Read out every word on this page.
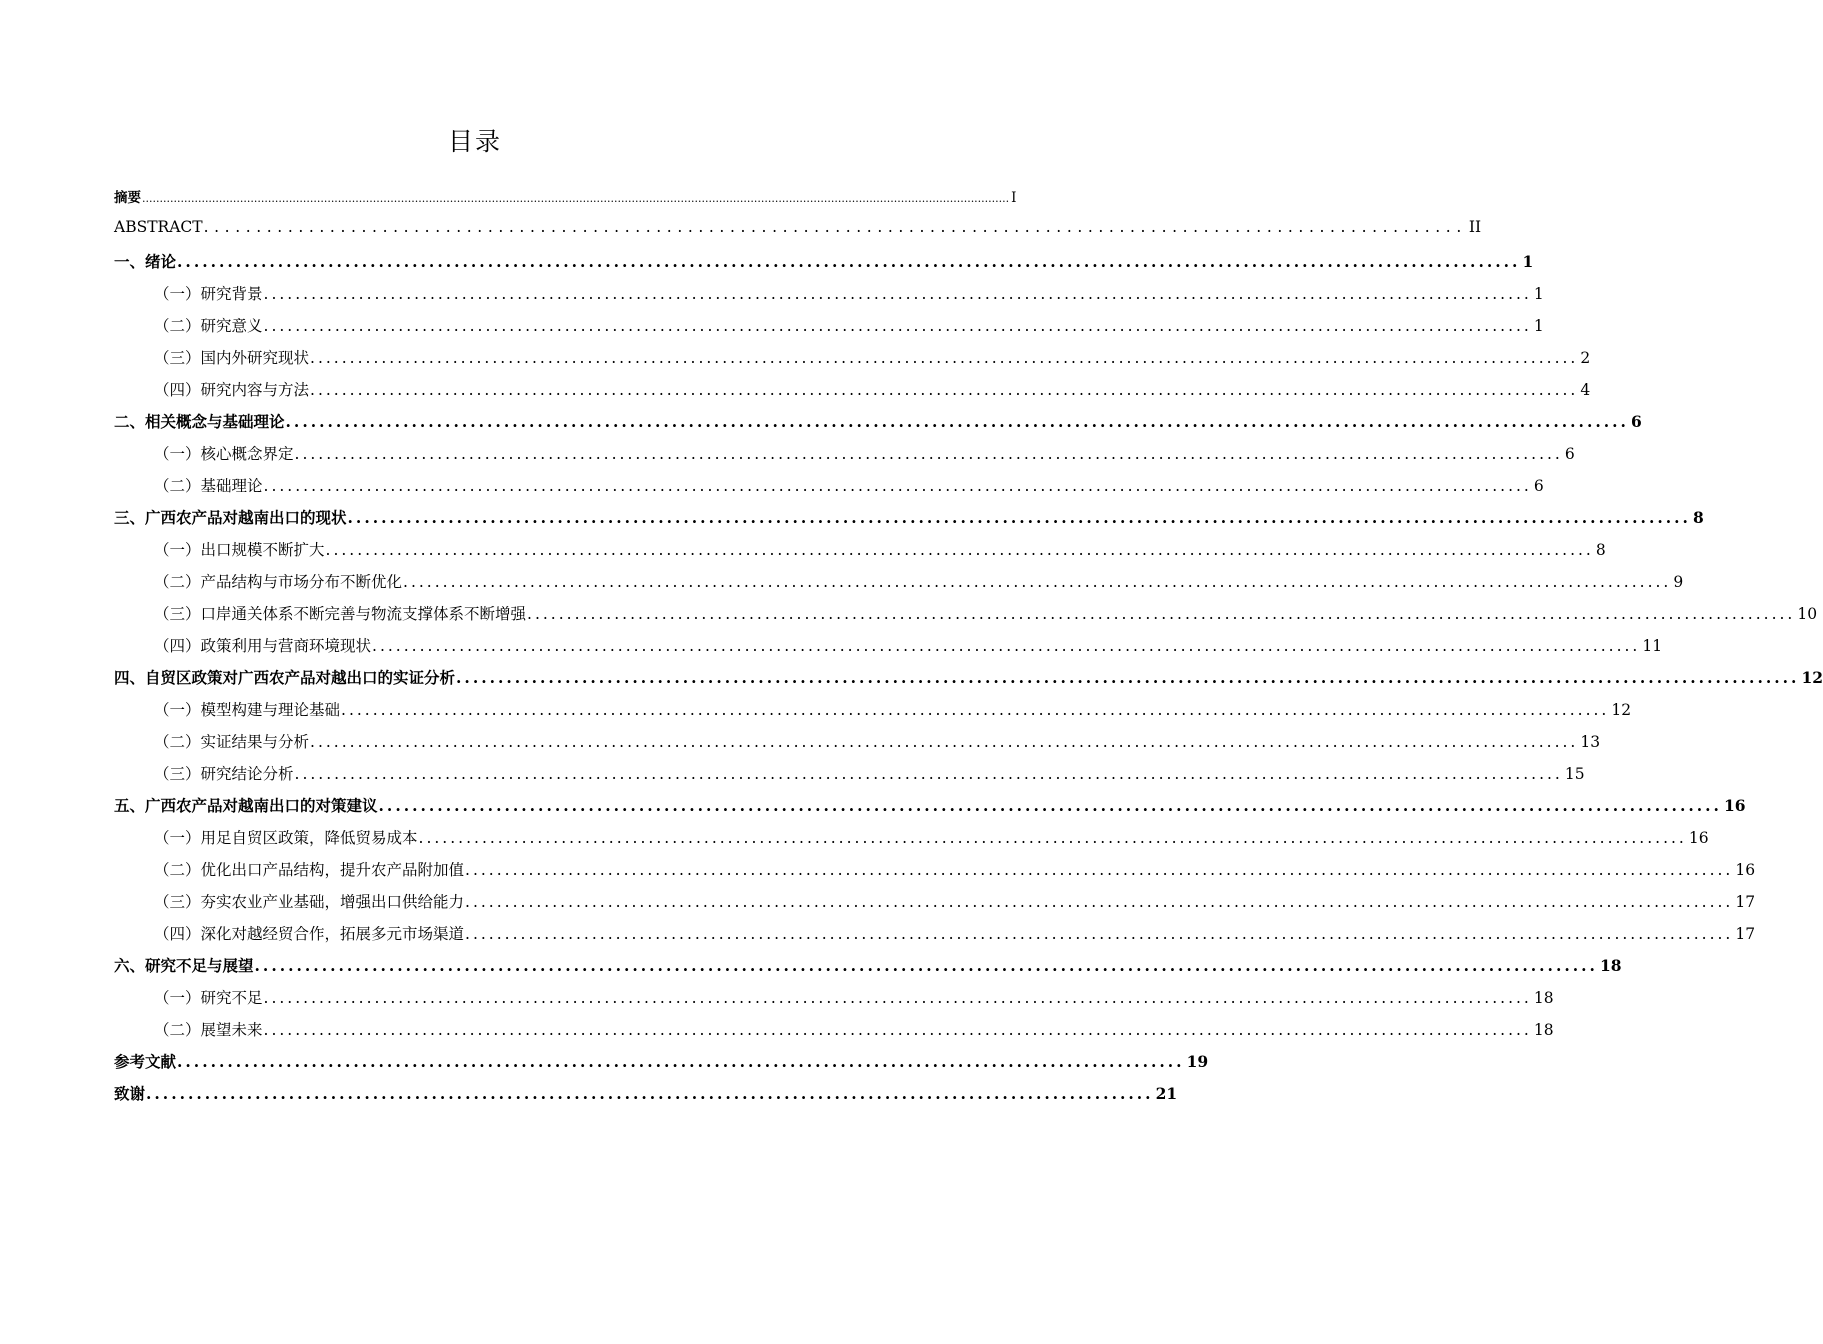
目录
摘要 ........................................................................................................................................................................................................................................................ I
ABSTRACT ........................................................................................................................ II
一、 绪论 ................................................................................................................................................................ 1
（一） 研究背景 ................................................................................................................................................................ 1
（二） 研究意义 ................................................................................................................................................................ 1
（三） 国内外研究现状 ................................................................................................................................................................ 2
（四） 研究内容与方法 ................................................................................................................................................................ 4
二、 相关概念与基础理论 ................................................................................................................................................................ 6
（一） 核心概念界定 ................................................................................................................................................................ 6
（二） 基础理论 ................................................................................................................................................................ 6
三、 广西农产品对越南出口的现状 ................................................................................................................................................................ 8
（一） 出口规模不断扩大 ................................................................................................................................................................ 8
（二） 产品结构与市场分布不断优化 ................................................................................................................................................................ 9
（三） 口岸通关体系不断完善与物流支撑体系不断增强 ................................................................................................................................................................ 10
（四） 政策利用与营商环境现状 ................................................................................................................................................................ 11
四、 自贸区政策对广西农产品对越出口的实证分析 ................................................................................................................................................................ 12
（一） 模型构建与理论基础 ................................................................................................................................................................ 12
（二） 实证结果与分析 ................................................................................................................................................................ 13
（三） 研究结论分析 ................................................................................................................................................................ 15
五、 广西农产品对越南出口的对策建议 ................................................................................................................................................................ 16
（一） 用足自贸区政策，降低贸易成本 ................................................................................................................................................................ 16
（二） 优化出口产品结构，提升农产品附加值 ................................................................................................................................................................ 16
（三） 夯实农业产业基础，增强出口供给能力 ................................................................................................................................................................ 17
（四） 深化对越经贸合作，拓展多元市场渠道 ................................................................................................................................................................ 17
六、 研究不足与展望 ................................................................................................................................................................ 18
（一） 研究不足 ................................................................................................................................................................ 18
（二） 展望未来 ................................................................................................................................................................ 18
参考文献 ........................................................................................................................ 19
致谢 ........................................................................................................................ 21
